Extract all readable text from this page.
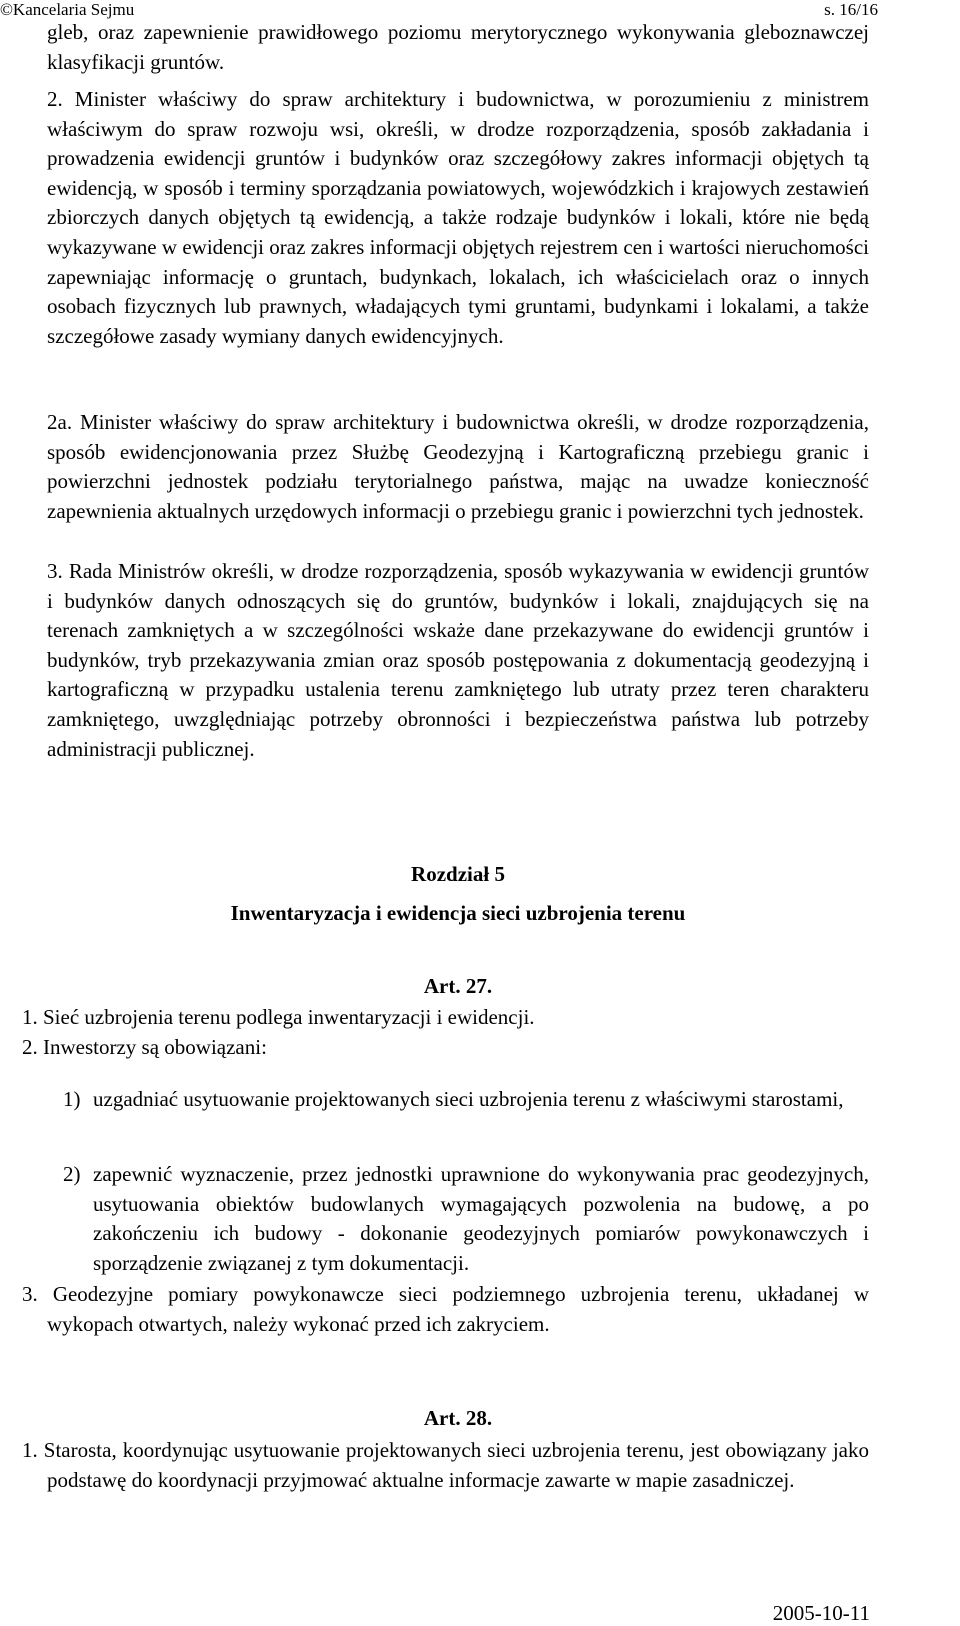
©Kancelaria Sejmu	s. 16/16
gleb, oraz zapewnienie prawidłowego poziomu merytorycznego wykonywania gleboznawczej klasyfikacji gruntów.
2. Minister właściwy do spraw architektury i budownictwa, w porozumieniu z ministrem właściwym do spraw rozwoju wsi, określi, w drodze rozporządzenia, sposób zakładania i prowadzenia ewidencji gruntów i budynków oraz szczegółowy zakres informacji objętych tą ewidencją, w sposób i terminy sporządzania powiatowych, wojewódzkich i krajowych zestawień zbiorczych danych objętych tą ewidencją, a także rodzaje budynków i lokali, które nie będą wykazywane w ewidencji oraz zakres informacji objętych rejestrem cen i wartości nieruchomości zapewniając informację o gruntach, budynkach, lokalach, ich właścicielach oraz o innych osobach fizycznych lub prawnych, władających tymi gruntami, budynkami i lokalami, a także szczegółowe zasady wymiany danych ewidencyjnych.
2a. Minister właściwy do spraw architektury i budownictwa określi, w drodze rozporządzenia, sposób ewidencjonowania przez Służbę Geodezyjną i Kartograficzną przebiegu granic i powierzchni jednostek podziału terytorialnego państwa, mając na uwadze konieczność zapewnienia aktualnych urzędowych informacji o przebiegu granic i powierzchni tych jednostek.
3. Rada Ministrów określi, w drodze rozporządzenia, sposób wykazywania w ewidencji gruntów i budynków danych odnoszących się do gruntów, budynków i lokali, znajdujących się na terenach zamkniętych a w szczególności wskaże dane przekazywane do ewidencji gruntów i budynków, tryb przekazywania zmian oraz sposób postępowania z dokumentacją geodezyjną i kartograficzną w przypadku ustalenia terenu zamkniętego lub utraty przez teren charakteru zamkniętego, uwzględniając potrzeby obronności i bezpieczeństwa państwa lub potrzeby administracji publicznej.
Rozdział 5
Inwentaryzacja i ewidencja sieci uzbrojenia terenu
Art. 27.
1. Sieć uzbrojenia terenu podlega inwentaryzacji i ewidencji.
2. Inwestorzy są obowiązani:
1) uzgadniać usytuowanie projektowanych sieci uzbrojenia terenu z właściwymi starostami,
2) zapewnić wyznaczenie, przez jednostki uprawnione do wykonywania prac geodezyjnych, usytuowania obiektów budowlanych wymagających pozwolenia na budowę, a po zakończeniu ich budowy - dokonanie geodezyjnych pomiarów powykonawczych i sporządzenie związanej z tym dokumentacji.
3. Geodezyjne pomiary powykonawcze sieci podziemnego uzbrojenia terenu, układanej w wykopach otwartych, należy wykonać przed ich zakryciem.
Art. 28.
1. Starosta, koordynując usytuowanie projektowanych sieci uzbrojenia terenu, jest obowiązany jako podstawę do koordynacji przyjmować aktualne informacje zawarte w mapie zasadniczej.
2005-10-11
